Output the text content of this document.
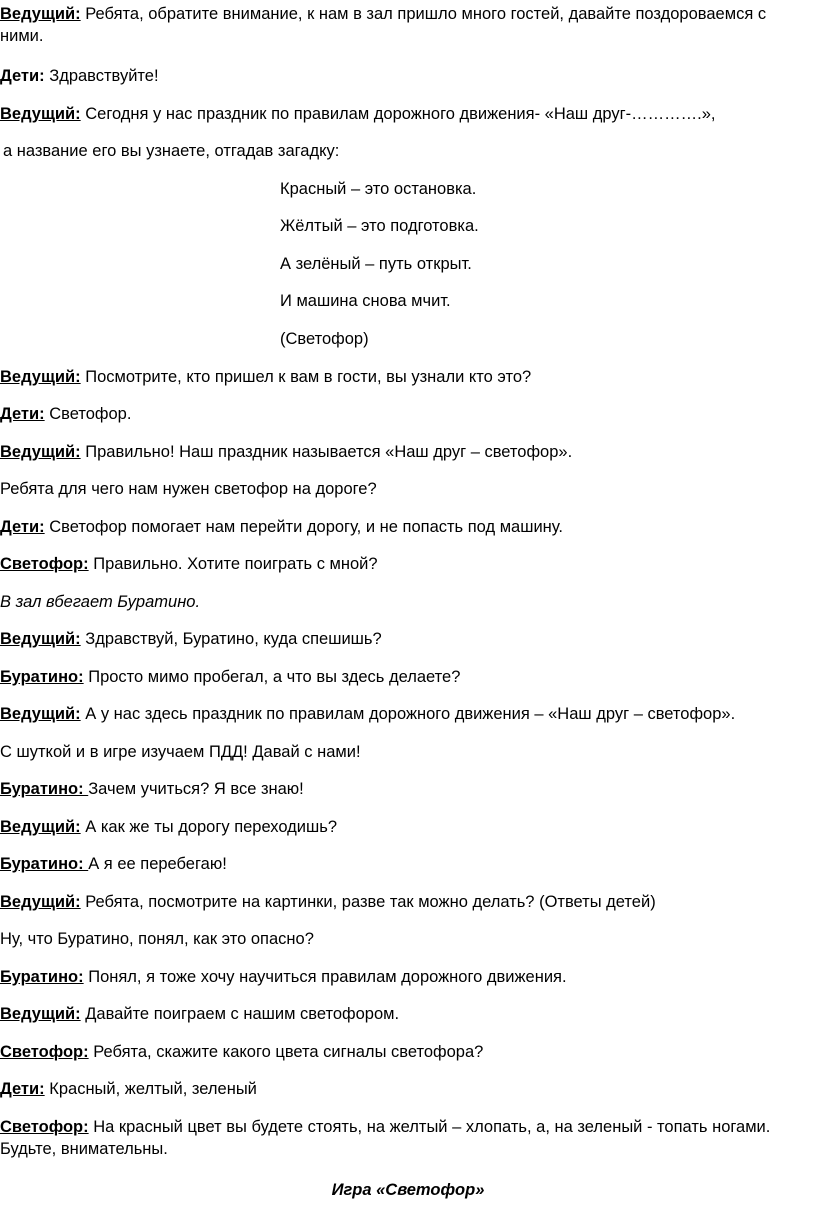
Ведущий: Ребята, обратите внимание, к нам в зал пришло много гостей, давайте поздороваемся с ними.
Дети: Здравствуйте!
Ведущий: Сегодня у нас праздник по правилам дорожного движения- «Наш друг-………….»,
а название его вы узнаете, отгадав загадку:
Красный – это остановка.
Жёлтый – это подготовка.
А зелёный – путь открыт.
И машина снова мчит.
(Светофор)
Ведущий: Посмотрите, кто пришел к вам в гости, вы узнали кто это?
Дети: Светофор.
Ведущий: Правильно! Наш праздник называется «Наш друг – светофор».
Ребята для чего нам нужен светофор на дороге?
Дети: Светофор помогает нам перейти дорогу, и не попасть под машину.
Светофор: Правильно. Хотите поиграть с мной?
В зал вбегает Буратино.
Ведущий: Здравствуй, Буратино, куда спешишь?
Буратино: Просто мимо пробегал, а что вы здесь делаете?
Ведущий: А у нас здесь праздник по правилам дорожного движения – «Наш друг – светофор».
С шуткой и в игре изучаем ПДД! Давай с нами!
Буратино: Зачем учиться? Я все знаю!
Ведущий: А как же ты дорогу переходишь?
Буратино: А я ее перебегаю!
Ведущий: Ребята, посмотрите на картинки, разве так можно делать? (Ответы детей)
Ну, что Буратино, понял, как это опасно?
Буратино: Понял, я тоже хочу научиться правилам дорожного движения.
Ведущий: Давайте поиграем с нашим светофором.
Светофор: Ребята, скажите какого цвета сигналы светофора?
Дети: Красный, желтый, зеленый
Светофор: На красный цвет вы будете стоять, на желтый – хлопать, а, на зеленый - топать ногами. Будьте, внимательны.
Игра «Светофор»
